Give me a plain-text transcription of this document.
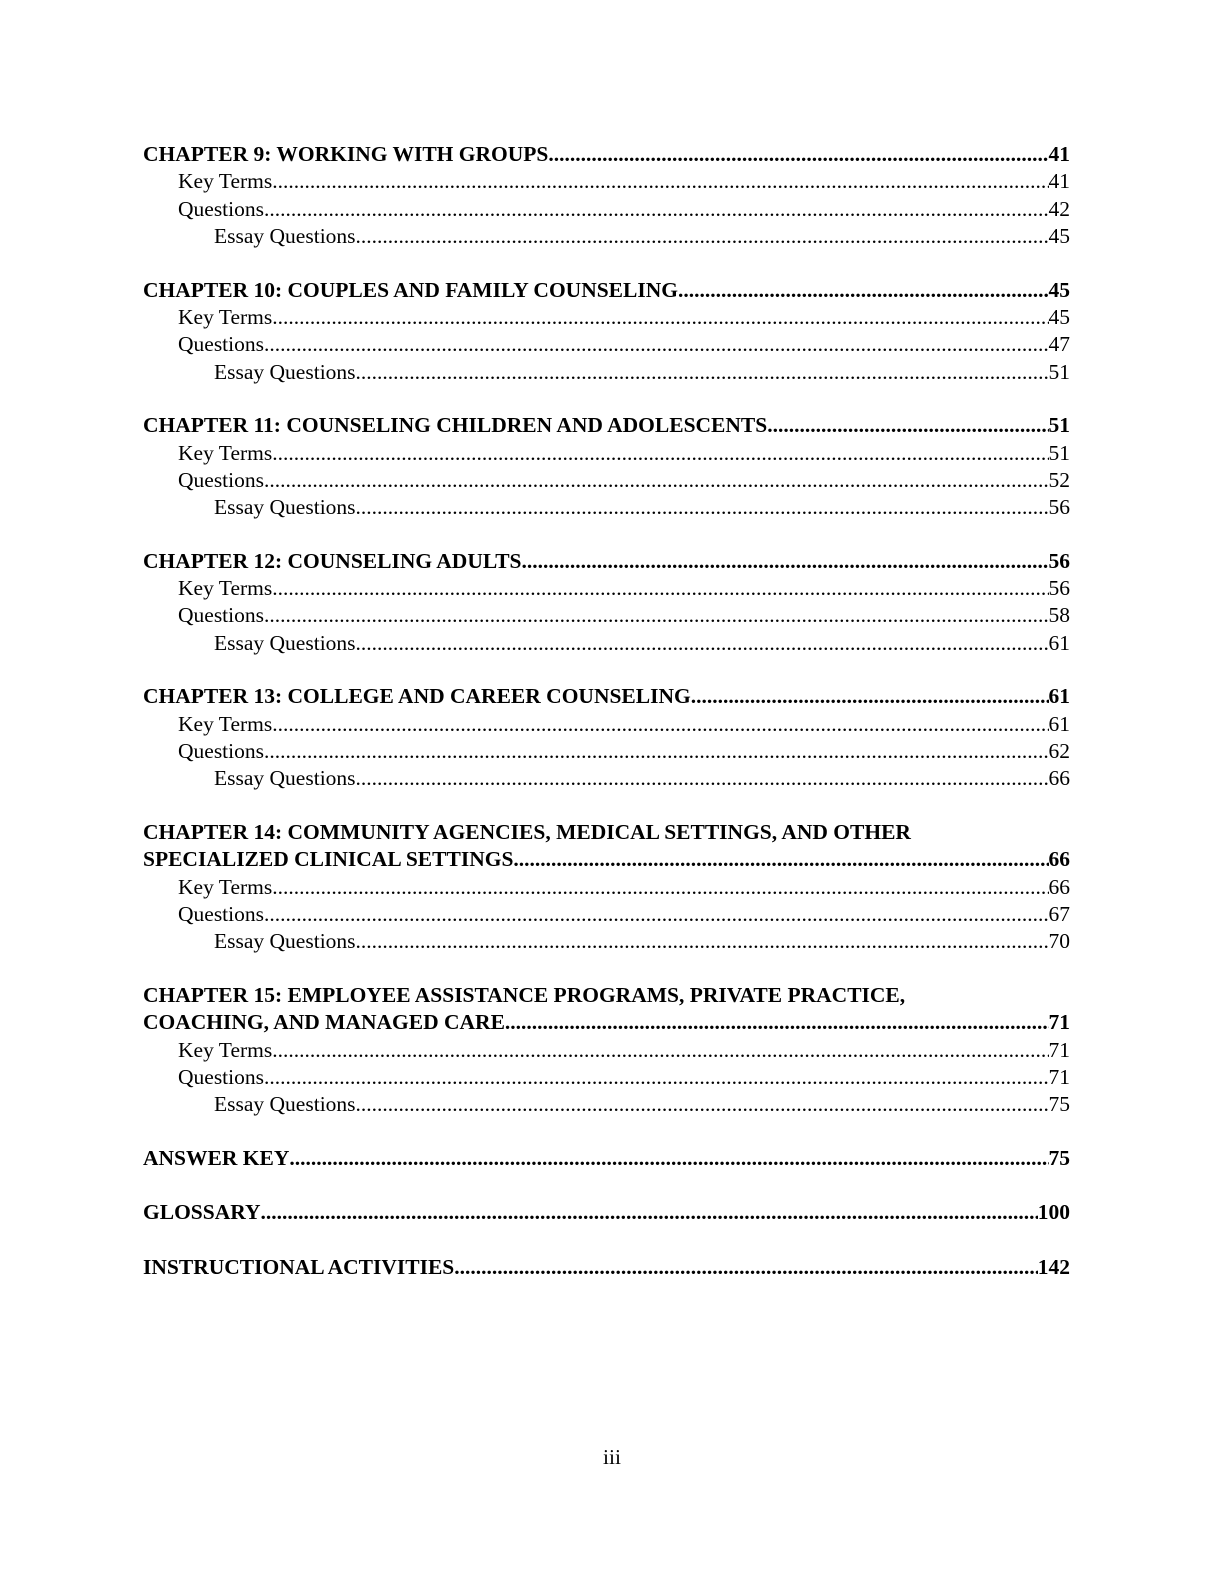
CHAPTER 9: WORKING WITH GROUPS .....	41
Key Terms .....	41
Questions .....	42
Essay Questions .....	45
CHAPTER 10: COUPLES AND FAMILY COUNSELING .....	45
Key Terms .....	45
Questions .....	47
Essay Questions .....	51
CHAPTER 11: COUNSELING CHILDREN AND ADOLESCENTS .....	51
Key Terms .....	51
Questions .....	52
Essay Questions .....	56
CHAPTER 12: COUNSELING ADULTS .....	56
Key Terms .....	56
Questions .....	58
Essay Questions .....	61
CHAPTER 13: COLLEGE AND CAREER COUNSELING .....	61
Key Terms .....	61
Questions .....	62
Essay Questions .....	66
CHAPTER 14: COMMUNITY AGENCIES, MEDICAL SETTINGS, AND OTHER
SPECIALIZED CLINICAL SETTINGS .....	66
Key Terms .....	66
Questions .....	67
Essay Questions .....	70
CHAPTER 15: EMPLOYEE ASSISTANCE PROGRAMS, PRIVATE PRACTICE,
COACHING, AND MANAGED CARE .....	71
Key Terms .....	71
Questions .....	71
Essay Questions .....	75
ANSWER KEY .....	75
GLOSSARY .....	100
INSTRUCTIONAL ACTIVITIES .....	142
iii
